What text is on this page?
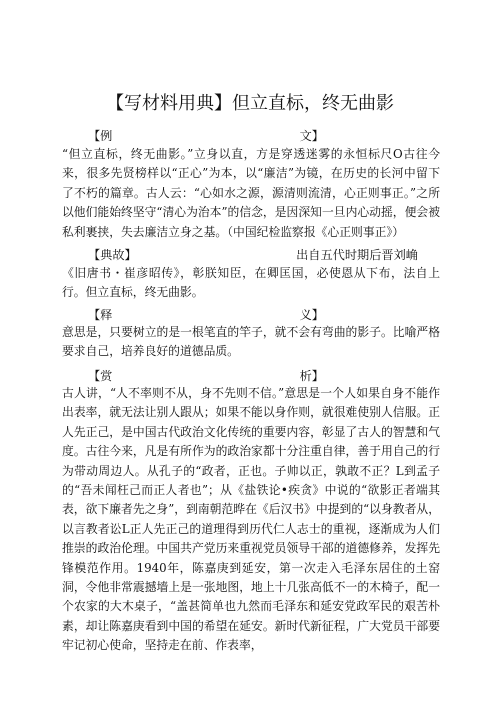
【写材料用典】但立直标，终无曲影
【例	文】
“但立直标，终无曲影。”立身以直，方是穿透迷雾的永恒标尺O古往今来，很多先贤榜样以“正心”为本，以“廉洁”为镜，在历史的长河中留下了不朽的篇章。古人云：“心如水之源，源清则流清，心正则事正。”之所以他们能始终坚守“清心为治本”的信念，是因深知一旦内心动摇，便会被私利裹挟，失去廉洁立身之基。（中国纪检监察报《心正则事正》）
【典故】	出自五代时期后晋刘崅
《旧唐书・崔彦昭传》，彰朕知臣，在卿匡国，必使恩从下布，法自上行。但立直标，终无曲影。
【释	义】
意思是，只要树立的是一根笔直的竿子，就不会有弯曲的影子。比喻严格要求自己，培养良好的道德品质。
【赏	析】
古人讲，“人不率则不从，身不先则不信。”意思是一个人如果自身不能作出表率，就无法让别人跟从；如果不能以身作则，就很难使别人信服。正人先正己，是中国古代政治文化传统的重要内容，彰显了古人的智慧和气度。古往今来，凡是有所作为的政治家都十分注重自律，善于用自己的行为带动周边人。从孔子的“政者，正也。子帅以正，孰敢不正？L到孟子的“吾未闻枉己而正人者也”；从《盐铁论•疾贪》中说的“欲影正者端其表，欲下廉者先之身”，到南朝范晔在《后汉书》中提到的“以身教者从，以言教者讼L正人先正己的道理得到历代仁人志士的重视，逐渐成为人们推崇的政治伦理。中国共产党历来重视党员领导干部的道德修养，发挥先锋模范作用。1940年，陈嘉庚到延安，第一次走入毛泽东居住的土窑洞，令他非常震撼墙上是一张地图，地上十几张高低不一的木椅子，配一个农家的大木桌子，“盖甚简单也九然而毛泽东和延安党政军民的艰苦朴素，却让陈嘉庚看到中国的希望在延安。新时代新征程，广大党员干部要牢记初心使命，坚持走在前、作表率，
